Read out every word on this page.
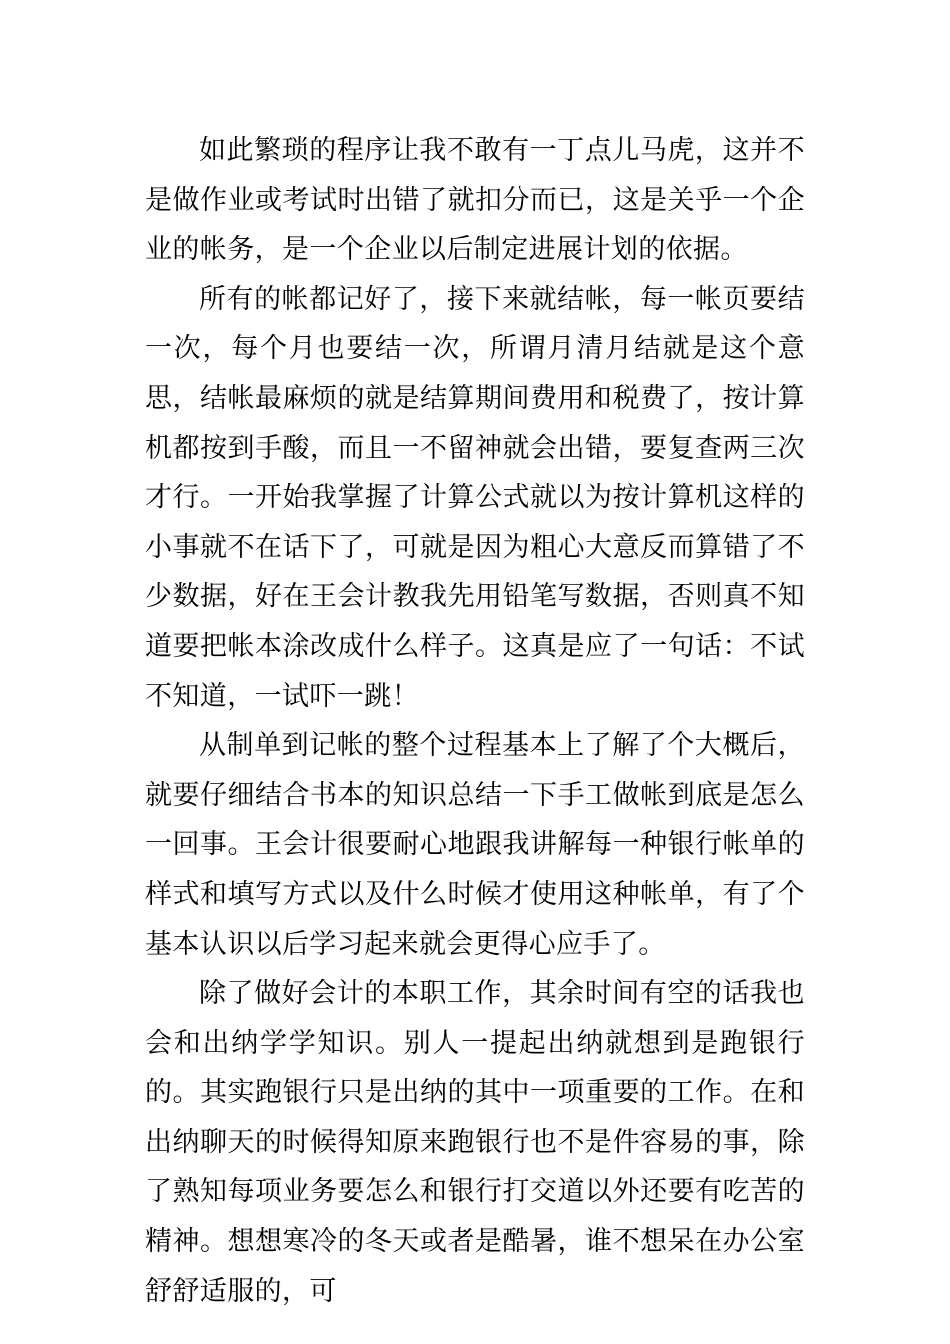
如此繁琐的程序让我不敢有一丁点儿马虎，这并不是做作业或考试时出错了就扣分而已，这是关乎一个企业的帐务，是一个企业以后制定进展计划的依据。

所有的帐都记好了，接下来就结帐，每一帐页要结一次，每个月也要结一次，所谓月清月结就是这个意思，结帐最麻烦的就是结算期间费用和税费了，按计算机都按到手酸，而且一不留神就会出错，要复查两三次才行。一开始我掌握了计算公式就以为按计算机这样的小事就不在话下了，可就是因为粗心大意反而算错了不少数据，好在王会计教我先用铅笔写数据，否则真不知道要把帐本涂改成什么样子。这真是应了一句话：不试不知道，一试吓一跳！

从制单到记帐的整个过程基本上了解了个大概后，就要仔细结合书本的知识总结一下手工做帐到底是怎么一回事。王会计很要耐心地跟我讲解每一种银行帐单的样式和填写方式以及什么时候才使用这种帐单，有了个基本认识以后学习起来就会更得心应手了。

除了做好会计的本职工作，其余时间有空的话我也会和出纳学学知识。别人一提起出纳就想到是跑银行的。其实跑银行只是出纳的其中一项重要的工作。在和出纳聊天的时候得知原来跑银行也不是件容易的事，除了熟知每项业务要怎么和银行打交道以外还要有吃苦的精神。想想寒冷的冬天或者是酷暑，谁不想呆在办公室舒舒适服的，可
